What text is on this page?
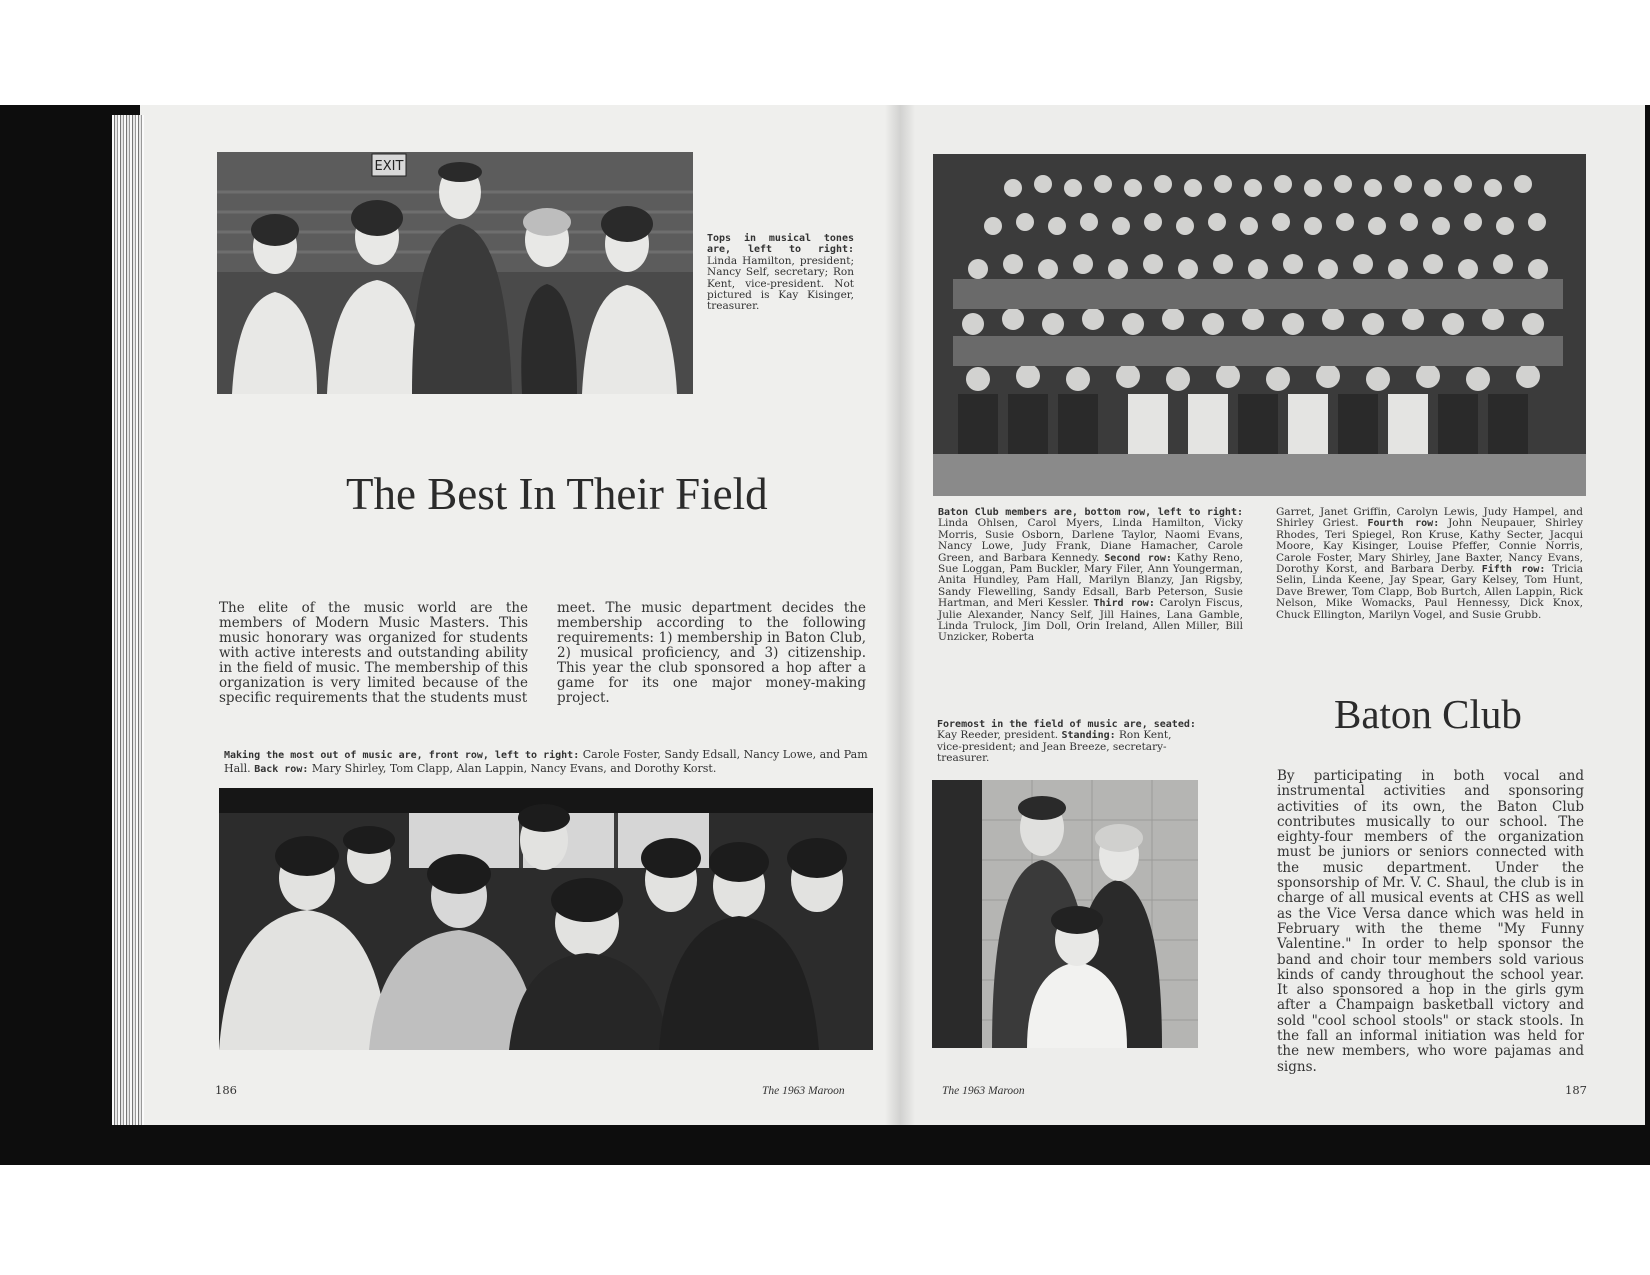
EXIT
Tops in musical tones are, left to right: Linda Hamilton, president; Nancy Self, secretary; Ron Kent, vice-president. Not pictured is Kay Kisinger, treasurer.
The Best In Their Field
The elite of the music world are the members of Modern Music Masters. This music honorary was organized for students with active interests and outstanding ability in the field of music. The membership of this organization is very limited because of the specific requirements that the students must
meet. The music department decides the membership according to the following requirements: 1) membership in Baton Club, 2) musical proficiency, and 3) citizenship. This year the club sponsored a hop after a game for its one major money-making project.
Making the most out of music are, front row, left to right: Carole Foster, Sandy Edsall, Nancy Lowe, and Pam Hall. Back row: Mary Shirley, Tom Clapp, Alan Lappin, Nancy Evans, and Dorothy Korst.
186	The 1963 Maroon
Baton Club members are, bottom row, left to right: Linda Ohlsen, Carol Myers, Linda Hamilton, Vicky Morris, Susie Osborn, Darlene Taylor, Naomi Evans, Nancy Lowe, Judy Frank, Diane Hamacher, Carole Green, and Barbara Kennedy. Second row: Kathy Reno, Sue Loggan, Pam Buckler, Mary Filer, Ann Youngerman, Anita Hundley, Pam Hall, Marilyn Blanzy, Jan Rigsby, Sandy Flewelling, Sandy Edsall, Barb Peterson, Susie Hartman, and Meri Kessler. Third row: Carolyn Fiscus, Julie Alexander, Nancy Self, Jill Haines, Lana Gamble, Linda Trulock, Jim Doll, Orin Ireland, Allen Miller, Bill Unzicker, Roberta
Garret, Janet Griffin, Carolyn Lewis, Judy Hampel, and Shirley Griest. Fourth row: John Neupauer, Shirley Rhodes, Teri Spiegel, Ron Kruse, Kathy Secter, Jacqui Moore, Kay Kisinger, Louise Pfeffer, Connie Norris, Carole Foster, Mary Shirley, Jane Baxter, Nancy Evans, Dorothy Korst, and Barbara Derby. Fifth row: Tricia Selin, Linda Keene, Jay Spear, Gary Kelsey, Tom Hunt, Dave Brewer, Tom Clapp, Bob Burtch, Allen Lappin, Rick Nelson, Mike Womacks, Paul Hennessy, Dick Knox, Chuck Ellington, Marilyn Vogel, and Susie Grubb.
Foremost in the field of music are, seated: Kay Reeder, president. Standing: Ron Kent, vice-president; and Jean Breeze, secretary-treasurer.
Baton Club
By participating in both vocal and instrumental activities and sponsoring activities of its own, the Baton Club contributes musically to our school. The eighty-four members of the organization must be juniors or seniors connected with the music department. Under the sponsorship of Mr. V. C. Shaul, the club is in charge of all musical events at CHS as well as the Vice Versa dance which was held in February with the theme "My Funny Valentine." In order to help sponsor the band and choir tour members sold various kinds of candy throughout the school year. It also sponsored a hop in the girls gym after a Champaign basketball victory and sold "cool school stools" or stack stools. In the fall an informal initiation was held for the new members, who wore pajamas and signs.
The 1963 Maroon	187
